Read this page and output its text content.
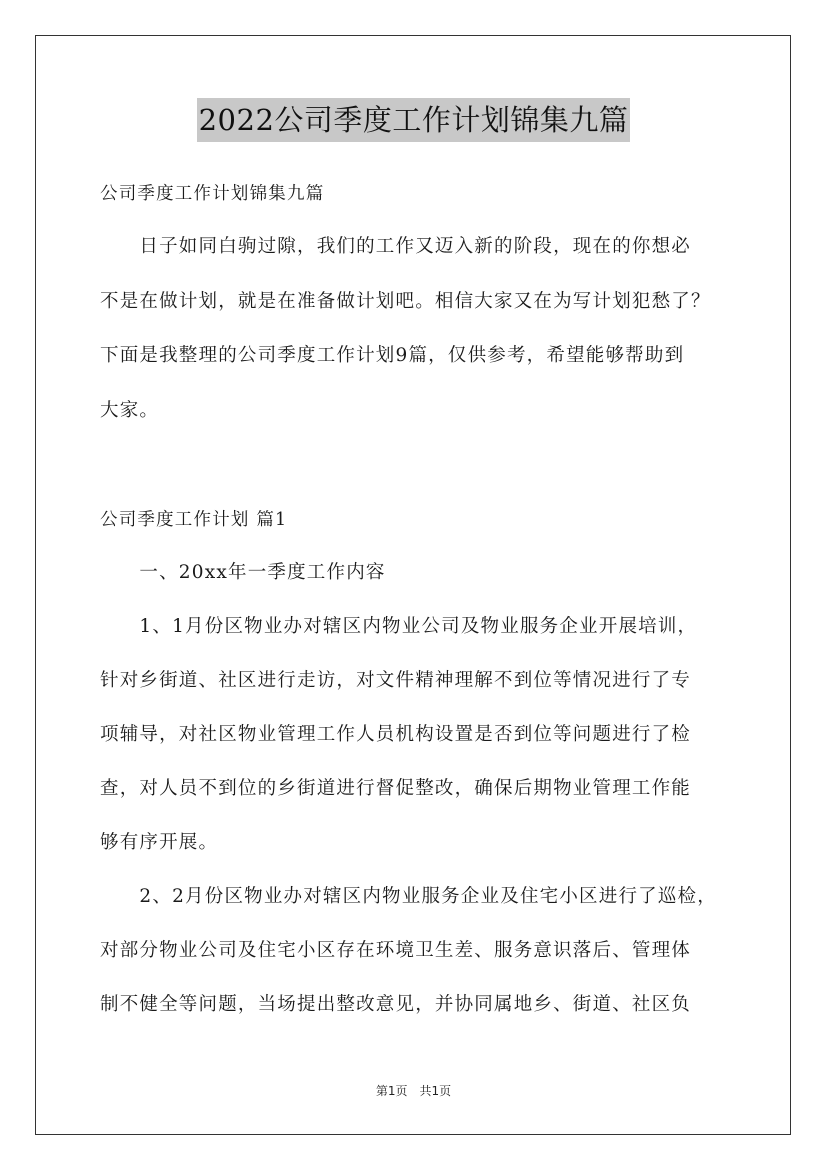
2022公司季度工作计划锦集九篇
公司季度工作计划锦集九篇
　　日子如同白驹过隙，我们的工作又迈入新的阶段，现在的你想必
不是在做计划，就是在准备做计划吧。相信大家又在为写计划犯愁了？
下面是我整理的公司季度工作计划9篇，仅供参考，希望能够帮助到
大家。
公司季度工作计划 篇1
　　一、20xx年一季度工作内容
　　1、1月份区物业办对辖区内物业公司及物业服务企业开展培训，
针对乡街道、社区进行走访，对文件精神理解不到位等情况进行了专
项辅导，对社区物业管理工作人员机构设置是否到位等问题进行了检
查，对人员不到位的乡街道进行督促整改，确保后期物业管理工作能
够有序开展。
　　2、2月份区物业办对辖区内物业服务企业及住宅小区进行了巡检，
对部分物业公司及住宅小区存在环境卫生差、服务意识落后、管理体
制不健全等问题，当场提出整改意见，并协同属地乡、街道、社区负
第1页　共1页
